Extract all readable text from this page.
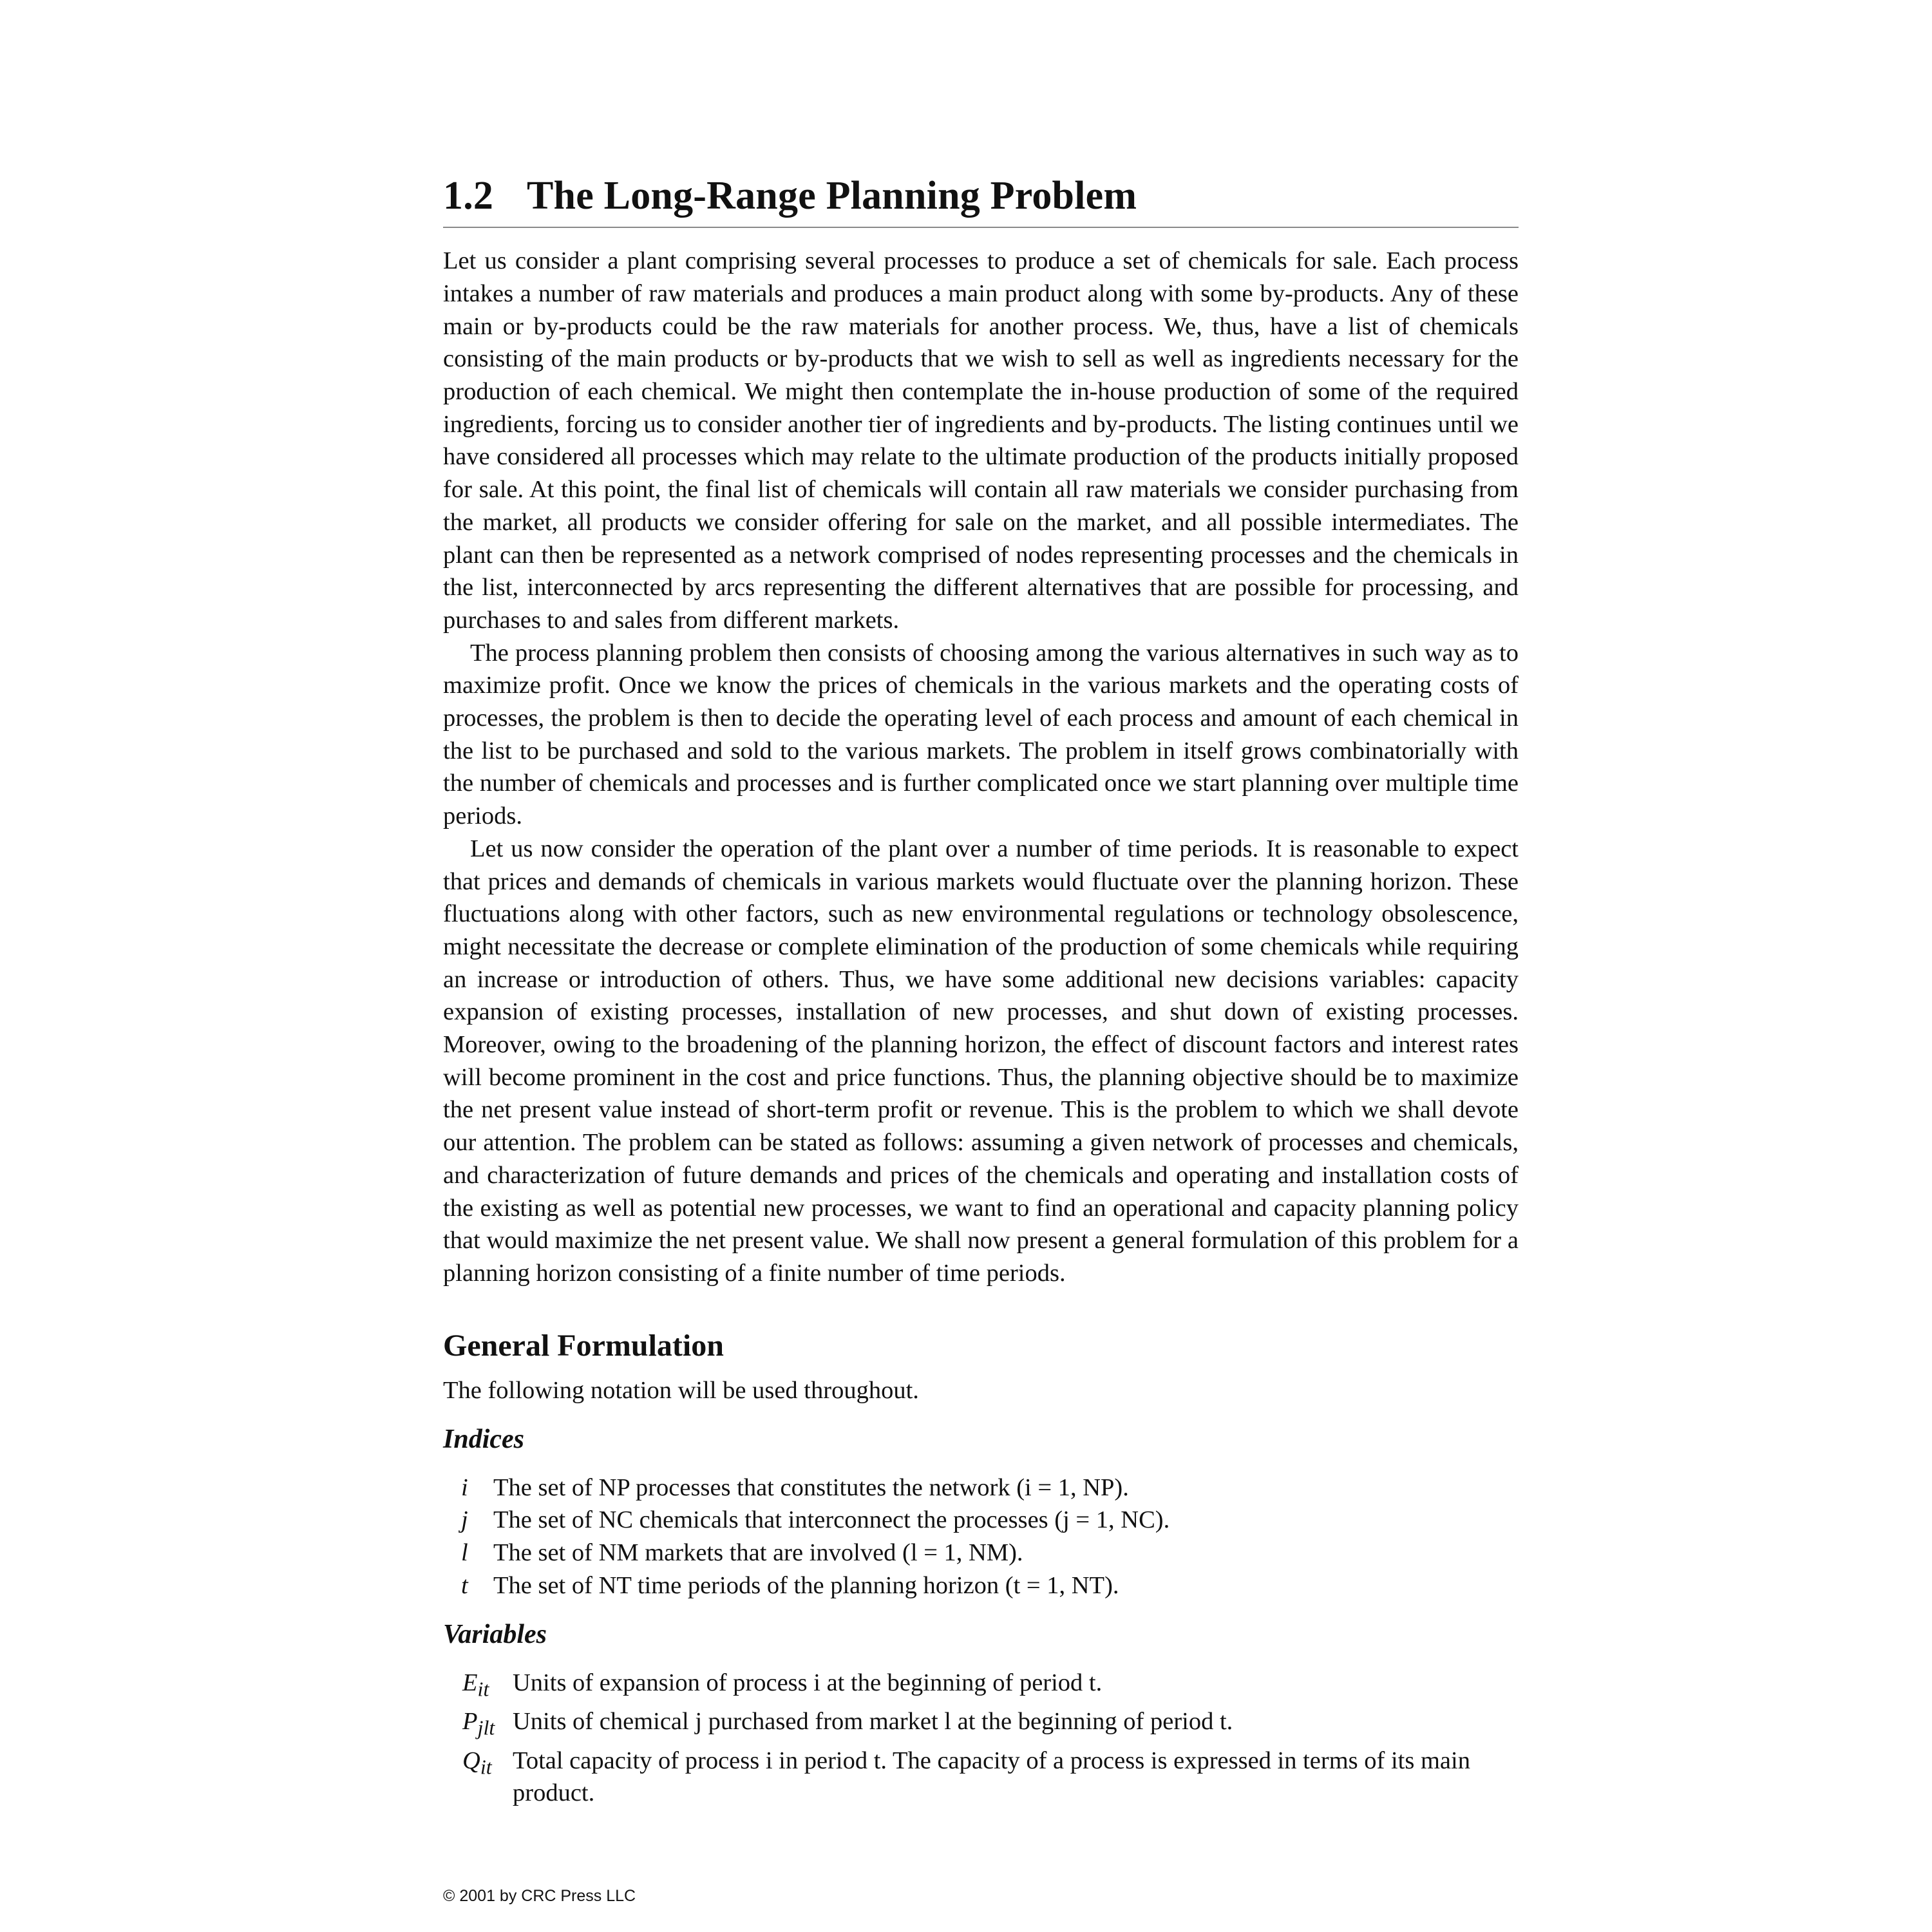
1.2 The Long-Range Planning Problem

Let us consider a plant comprising several processes to produce a set of chemicals for sale. Each process intakes a number of raw materials and produces a main product along with some by-products. Any of these main or by-products could be the raw materials for another process. We, thus, have a list of chemicals consisting of the main products or by-products that we wish to sell as well as ingredients necessary for the production of each chemical. We might then contemplate the in-house production of some of the required ingredients, forcing us to consider another tier of ingredients and by-products. The listing continues until we have considered all processes which may relate to the ultimate production of the products initially proposed for sale. At this point, the final list of chemicals will contain all raw materials we consider purchasing from the market, all products we consider offering for sale on the market, and all possible intermediates. The plant can then be represented as a network comprised of nodes representing processes and the chemicals in the list, interconnected by arcs representing the different alternatives that are possible for processing, and purchases to and sales from different markets.

The process planning problem then consists of choosing among the various alternatives in such way as to maximize profit. Once we know the prices of chemicals in the various markets and the operating costs of processes, the problem is then to decide the operating level of each process and amount of each chemical in the list to be purchased and sold to the various markets. The problem in itself grows combinatorially with the number of chemicals and processes and is further complicated once we start planning over multiple time periods.

Let us now consider the operation of the plant over a number of time periods. It is reasonable to expect that prices and demands of chemicals in various markets would fluctuate over the planning horizon. These fluctuations along with other factors, such as new environmental regulations or technology obsolescence, might necessitate the decrease or complete elimination of the production of some chemicals while requiring an increase or introduction of others. Thus, we have some additional new decisions variables: capacity expansion of existing processes, installation of new processes, and shut down of existing processes. Moreover, owing to the broadening of the planning horizon, the effect of discount factors and interest rates will become prominent in the cost and price functions. Thus, the planning objective should be to maximize the net present value instead of short-term profit or revenue. This is the problem to which we shall devote our attention. The problem can be stated as follows: assuming a given network of processes and chemicals, and characterization of future demands and prices of the chemicals and operating and installation costs of the existing as well as potential new processes, we want to find an operational and capacity planning policy that would maximize the net present value. We shall now present a general formulation of this problem for a planning horizon consisting of a finite number of time periods.

General Formulation

The following notation will be used throughout.

Indices
i	The set of NP processes that constitutes the network (i = 1, NP).
j	The set of NC chemicals that interconnect the processes (j = 1, NC).
l	The set of NM markets that are involved (l = 1, NM).
t	The set of NT time periods of the planning horizon (t = 1, NT).
Variables
$E_{it}$ Units of expansion of process i at the beginning of period t.
$P_{jlt}$ Units of chemical j purchased from market l at the beginning of period t.
$Q_{it}$ Total capacity of process i in period t. The capacity of a process is expressed in terms of its main product.
© 2001 by CRC Press LLC
